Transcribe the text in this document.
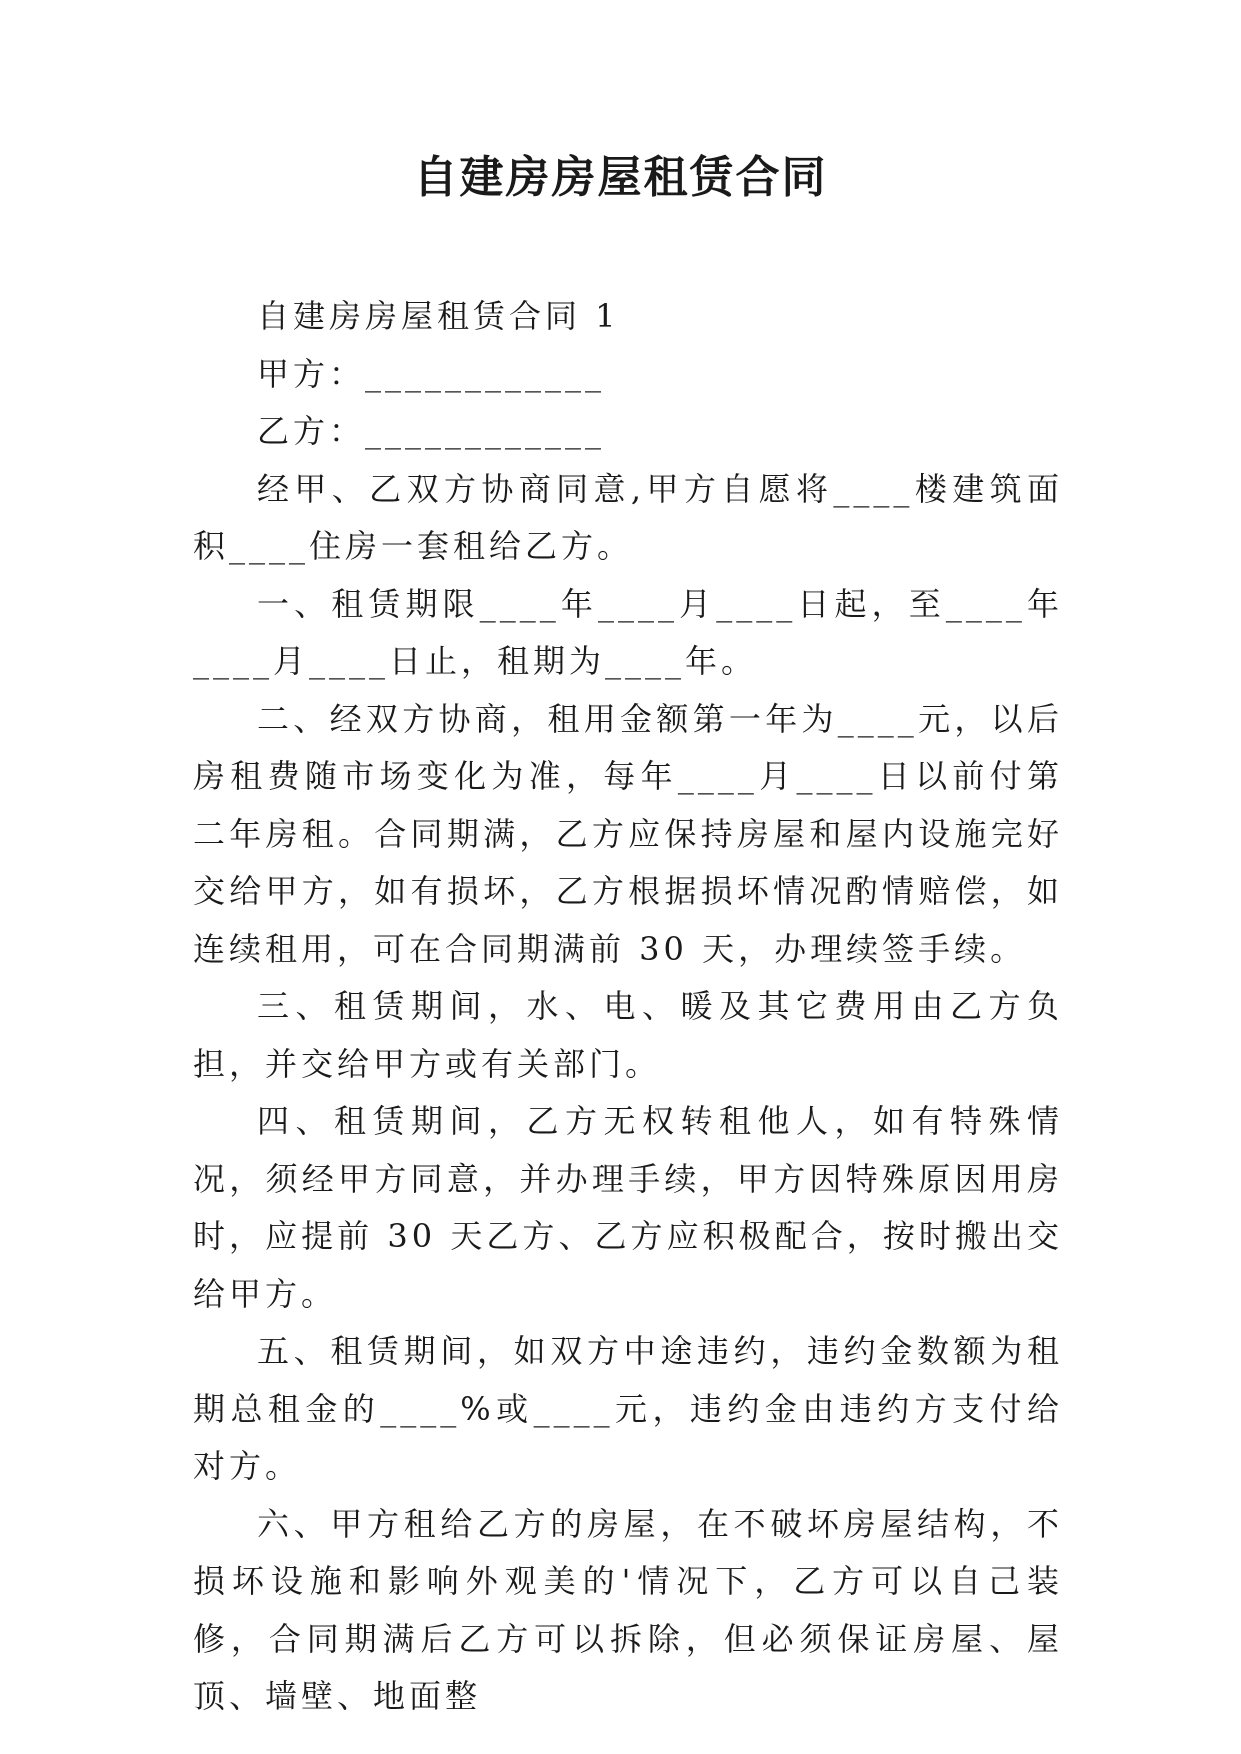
自建房房屋租赁合同

自建房房屋租赁合同 1

甲方：____________

乙方：____________

经甲、乙双方协商同意,甲方自愿将____楼建筑面积____住房一套租给乙方。

一、租赁期限____年____月____日起，至____年____月____日止，租期为____年。

二、经双方协商，租用金额第一年为____元，以后房租费随市场变化为准，每年____月____日以前付第二年房租。合同期满，乙方应保持房屋和屋内设施完好交给甲方，如有损坏，乙方根据损坏情况酌情赔偿，如连续租用，可在合同期满前 30 天，办理续签手续。

三、租赁期间，水、电、暖及其它费用由乙方负担，并交给甲方或有关部门。

四、租赁期间，乙方无权转租他人，如有特殊情况，须经甲方同意，并办理手续，甲方因特殊原因用房时，应提前 30 天乙方、乙方应积极配合，按时搬出交给甲方。

五、租赁期间，如双方中途违约，违约金数额为租期总租金的____%或____元，违约金由违约方支付给对方。

六、甲方租给乙方的房屋，在不破坏房屋结构，不损坏设施和影响外观美的'情况下，乙方可以自己装修，合同期满后乙方可以拆除，但必须保证房屋、屋顶、墙壁、地面整
